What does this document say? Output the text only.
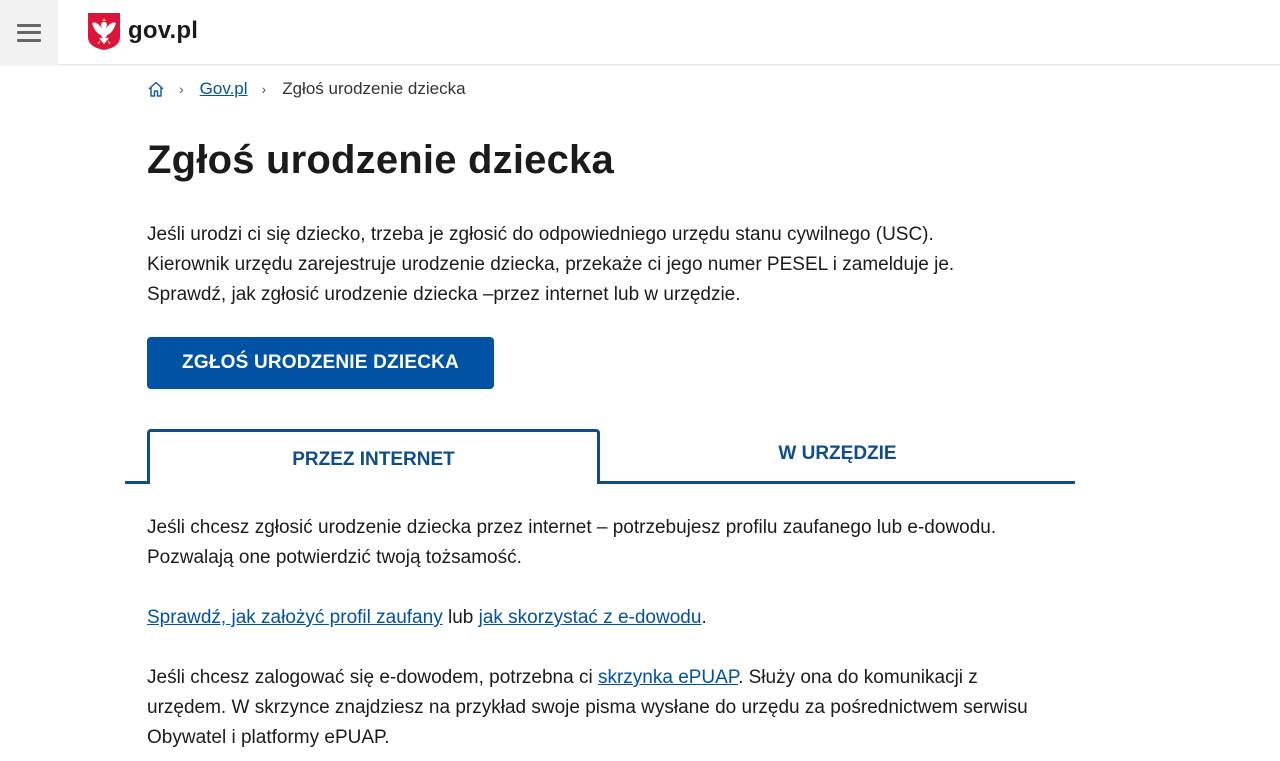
gov.pl
› Gov.pl › Zgłoś urodzenie dziecka
Zgłoś urodzenie dziecka
Jeśli urodzi ci się dziecko, trzeba je zgłosić do odpowiedniego urzędu stanu cywilnego (USC).
Kierownik urzędu zarejestruje urodzenie dziecka, przekaże ci jego numer PESEL i zamelduje je.
Sprawdź, jak zgłosić urodzenie dziecka –przez internet lub w urzędzie.
ZGŁOŚ URODZENIE DZIECKA
PRZEZ INTERNET	W URZĘDZIE

Jeśli chcesz zgłosić urodzenie dziecka przez internet – potrzebujesz profilu zaufanego lub e-dowodu. Pozwalają one potwierdzić twoją tożsamość.

Sprawdź, jak założyć profil zaufany lub jak skorzystać z e-dowodu.

Jeśli chcesz zalogować się e-dowodem, potrzebna ci skrzynka ePUAP. Służy ona do komunikacji z urzędem. W skrzynce znajdziesz na przykład swoje pisma wysłane do urzędu za pośrednictwem serwisu Obywatel i platformy ePUAP.
